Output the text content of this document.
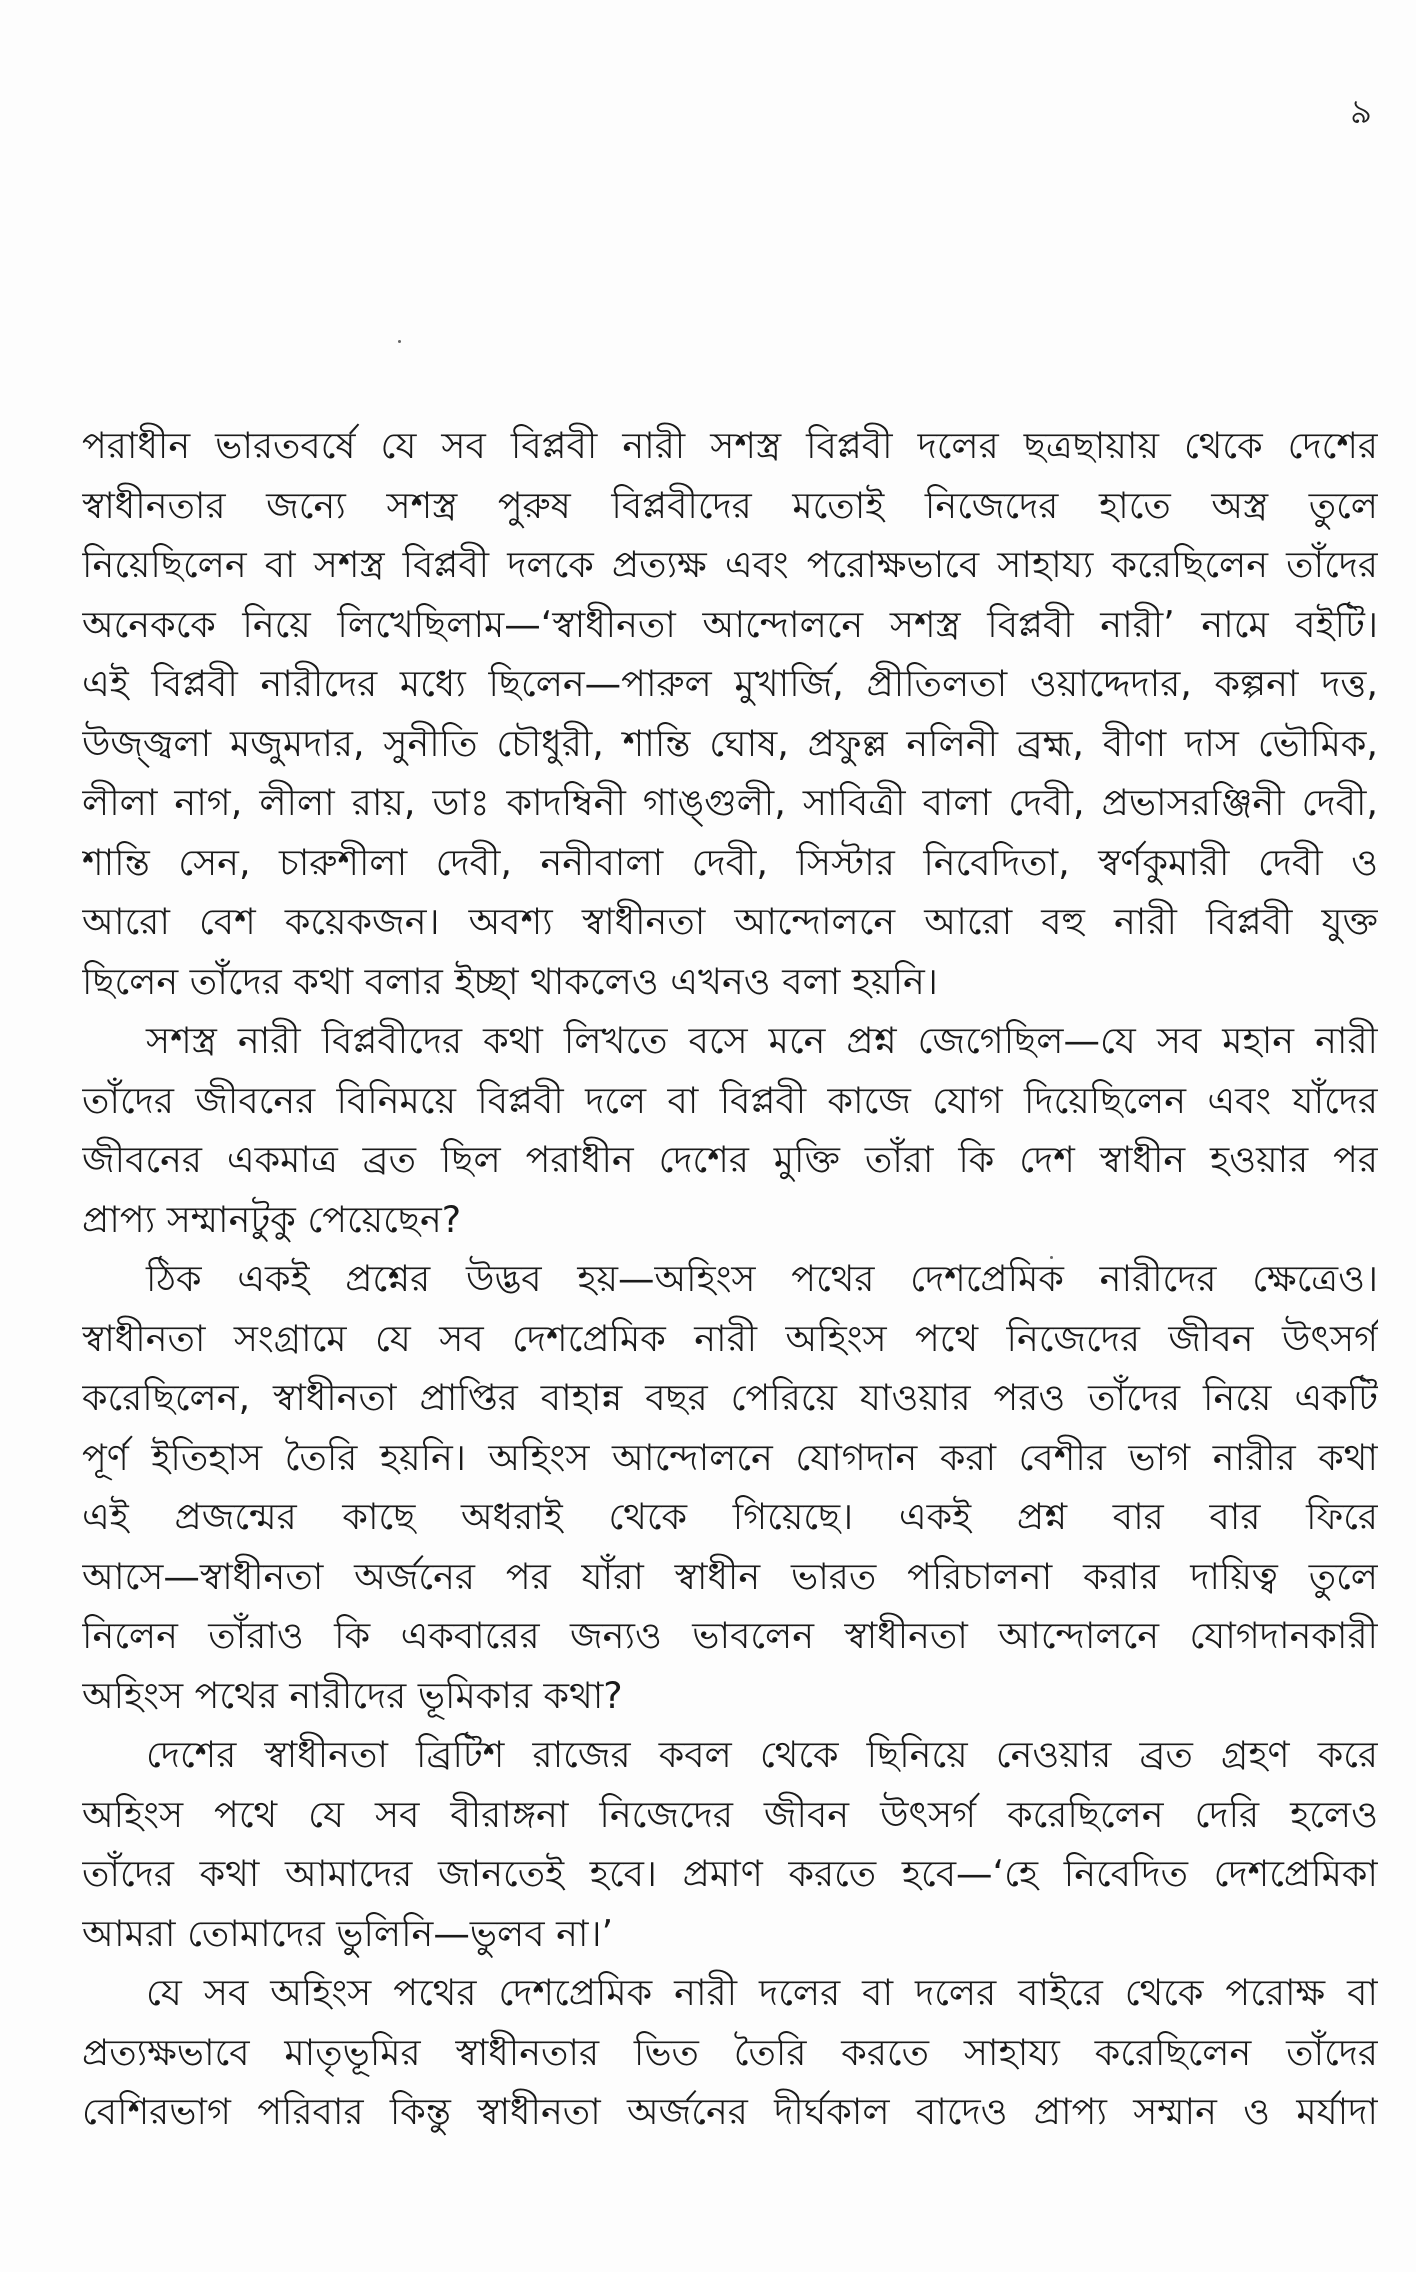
৯
পরাধীন ভারতবর্ষে যে সব বিপ্লবী নারী সশস্ত্র বিপ্লবী দলের ছত্রছায়ায় থেকে দেশের
স্বাধীনতার জন্যে সশস্ত্র পুরুষ বিপ্লবীদের মতোই নিজেদের হাতে অস্ত্র তুলে
নিয়েছিলেন বা সশস্ত্র বিপ্লবী দলকে প্রত্যক্ষ এবং পরোক্ষভাবে সাহায্য করেছিলেন তাঁদের
অনেককে নিয়ে লিখেছিলাম—‘স্বাধীনতা আন্দোলনে সশস্ত্র বিপ্লবী নারী’ নামে বইটি।
এই বিপ্লবী নারীদের মধ্যে ছিলেন—পারুল মুখার্জি, প্রীতিলতা ওয়াদ্দেদার, কল্পনা দত্ত,
উজ্জ্বলা মজুমদার, সুনীতি চৌধুরী, শান্তি ঘোষ, প্রফুল্ল নলিনী ব্রহ্ম, বীণা দাস ভৌমিক,
লীলা নাগ, লীলা রায়, ডাঃ কাদম্বিনী গাঙ্গুলী, সাবিত্রী বালা দেবী, প্রভাসরঞ্জিনী দেবী,
শান্তি সেন, চারুশীলা দেবী, ননীবালা দেবী, সিস্টার নিবেদিতা, স্বর্ণকুমারী দেবী ও
আরো বেশ কয়েকজন। অবশ্য স্বাধীনতা আন্দোলনে আরো বহু নারী বিপ্লবী যুক্ত
ছিলেন তাঁদের কথা বলার ইচ্ছা থাকলেও এখনও বলা হয়নি।
সশস্ত্র নারী বিপ্লবীদের কথা লিখতে বসে মনে প্রশ্ন জেগেছিল—যে সব মহান নারী
তাঁদের জীবনের বিনিময়ে বিপ্লবী দলে বা বিপ্লবী কাজে যোগ দিয়েছিলেন এবং যাঁদের
জীবনের একমাত্র ব্রত ছিল পরাধীন দেশের মুক্তি তাঁরা কি দেশ স্বাধীন হওয়ার পর
প্রাপ্য সম্মানটুকু পেয়েছেন?
ঠিক একই প্রশ্নের উদ্ভব হয়—অহিংস পথের দেশপ্রেমিক নারীদের ক্ষেত্রেও।
স্বাধীনতা সংগ্রামে যে সব দেশপ্রেমিক নারী অহিংস পথে নিজেদের জীবন উৎসর্গ
করেছিলেন, স্বাধীনতা প্রাপ্তির বাহান্ন বছর পেরিয়ে যাওয়ার পরও তাঁদের নিয়ে একটি
পূর্ণ ইতিহাস তৈরি হয়নি। অহিংস আন্দোলনে যোগদান করা বেশীর ভাগ নারীর কথা
এই প্রজন্মের কাছে অধরাই থেকে গিয়েছে। একই প্রশ্ন বার বার ফিরে
আসে—স্বাধীনতা অর্জনের পর যাঁরা স্বাধীন ভারত পরিচালনা করার দায়িত্ব তুলে
নিলেন তাঁরাও কি একবারের জন্যও ভাবলেন স্বাধীনতা আন্দোলনে যোগদানকারী
অহিংস পথের নারীদের ভূমিকার কথা?
দেশের স্বাধীনতা ব্রিটিশ রাজের কবল থেকে ছিনিয়ে নেওয়ার ব্রত গ্রহণ করে
অহিংস পথে যে সব বীরাঙ্গনা নিজেদের জীবন উৎসর্গ করেছিলেন দেরি হলেও
তাঁদের কথা আমাদের জানতেই হবে। প্রমাণ করতে হবে—‘হে নিবেদিত দেশপ্রেমিকা
আমরা তোমাদের ভুলিনি—ভুলব না।’
যে সব অহিংস পথের দেশপ্রেমিক নারী দলের বা দলের বাইরে থেকে পরোক্ষ বা
প্রত্যক্ষভাবে মাতৃভূমির স্বাধীনতার ভিত তৈরি করতে সাহায্য করেছিলেন তাঁদের
বেশিরভাগ পরিবার কিন্তু স্বাধীনতা অর্জনের দীর্ঘকাল বাদেও প্রাপ্য সম্মান ও মর্যাদা
